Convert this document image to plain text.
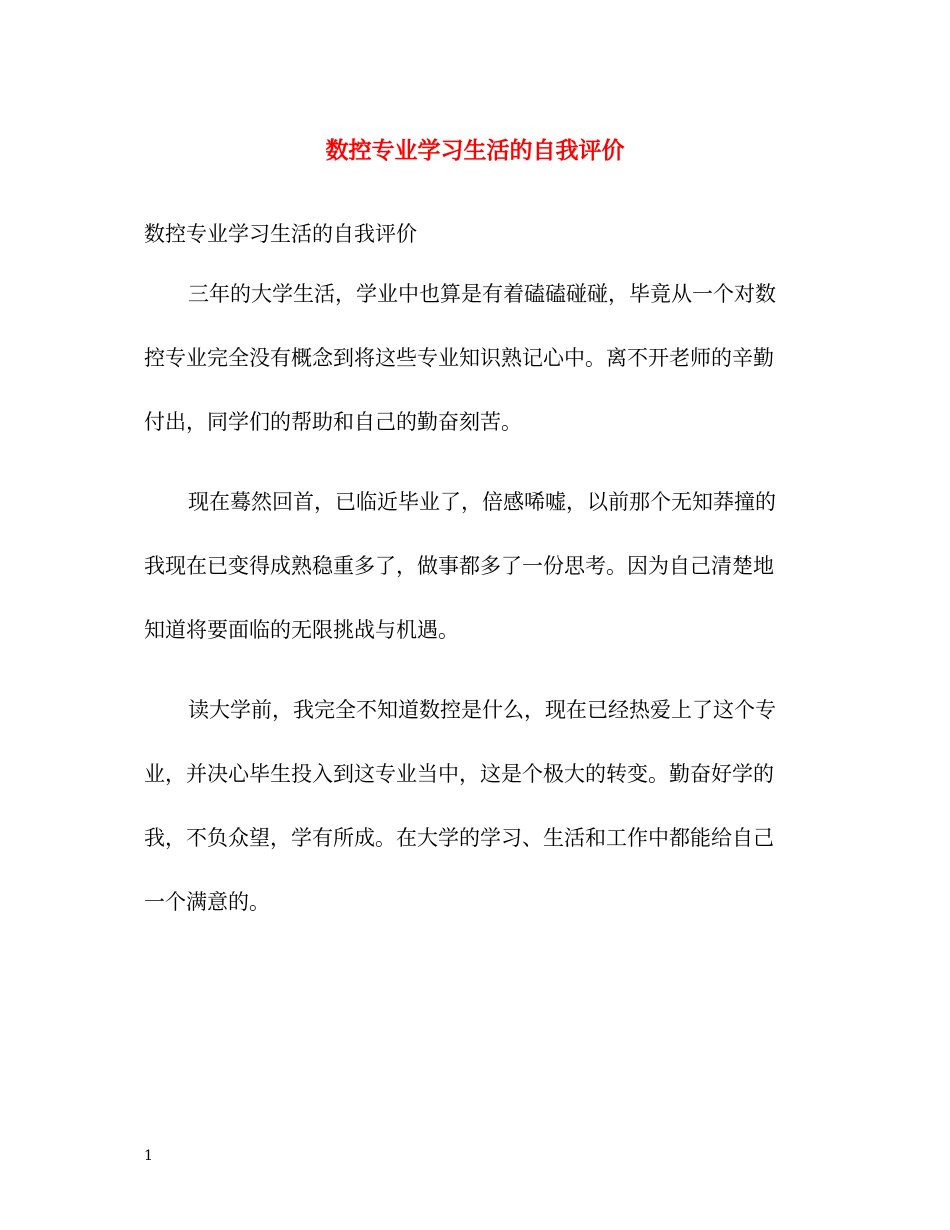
数控专业学习生活的自我评价

数控专业学习生活的自我评价

三年的大学生活，学业中也算是有着磕磕碰碰，毕竟从一个对数
控专业完全没有概念到将这些专业知识熟记心中。离不开老师的辛勤
付出，同学们的帮助和自己的勤奋刻苦。
现在蓦然回首，已临近毕业了，倍感唏嘘，以前那个无知莽撞的
我现在已变得成熟稳重多了，做事都多了一份思考。因为自己清楚地
知道将要面临的无限挑战与机遇。
读大学前，我完全不知道数控是什么，现在已经热爱上了这个专
业，并决心毕生投入到这专业当中，这是个极大的转变。勤奋好学的
我，不负众望，学有所成。在大学的学习、生活和工作中都能给自己
一个满意的。

1
